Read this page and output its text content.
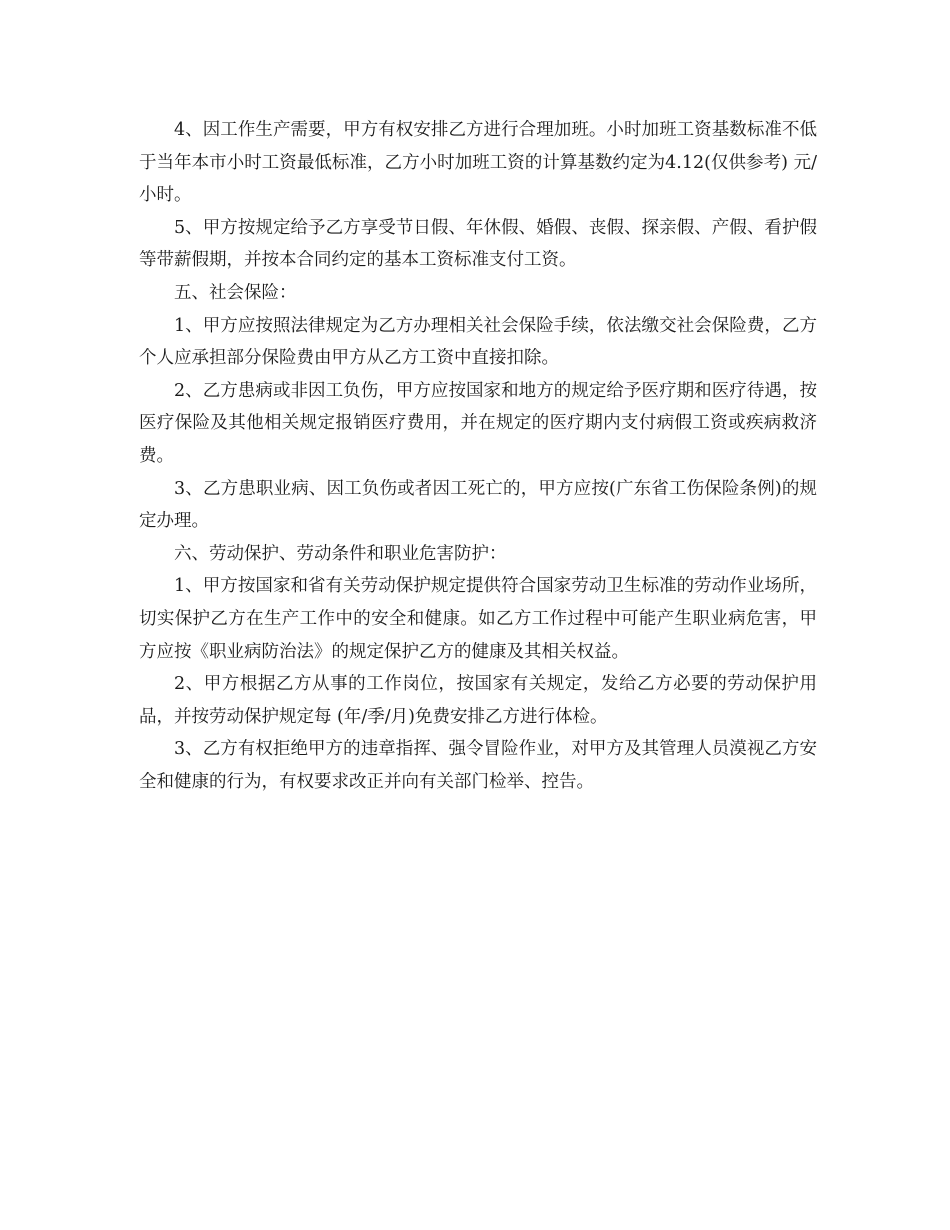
4、因工作生产需要，甲方有权安排乙方进行合理加班。小时加班工资基数标准不低于当年本市小时工资最低标准，乙方小时加班工资的计算基数约定为4.12(仅供参考) 元/小时。

5、甲方按规定给予乙方享受节日假、年休假、婚假、丧假、探亲假、产假、看护假等带薪假期，并按本合同约定的基本工资标准支付工资。

五、社会保险：

1、甲方应按照法律规定为乙方办理相关社会保险手续，依法缴交社会保险费，乙方个人应承担部分保险费由甲方从乙方工资中直接扣除。

2、乙方患病或非因工负伤，甲方应按国家和地方的规定给予医疗期和医疗待遇，按医疗保险及其他相关规定报销医疗费用，并在规定的医疗期内支付病假工资或疾病救济费。

3、乙方患职业病、因工负伤或者因工死亡的，甲方应按(广东省工伤保险条例)的规定办理。

六、劳动保护、劳动条件和职业危害防护：

1、甲方按国家和省有关劳动保护规定提供符合国家劳动卫生标准的劳动作业场所，切实保护乙方在生产工作中的安全和健康。如乙方工作过程中可能产生职业病危害，甲方应按《职业病防治法》的规定保护乙方的健康及其相关权益。

2、甲方根据乙方从事的工作岗位，按国家有关规定，发给乙方必要的劳动保护用品，并按劳动保护规定每 (年/季/月)免费安排乙方进行体检。

3、乙方有权拒绝甲方的违章指挥、强令冒险作业，对甲方及其管理人员漠视乙方安全和健康的行为，有权要求改正并向有关部门检举、控告。
